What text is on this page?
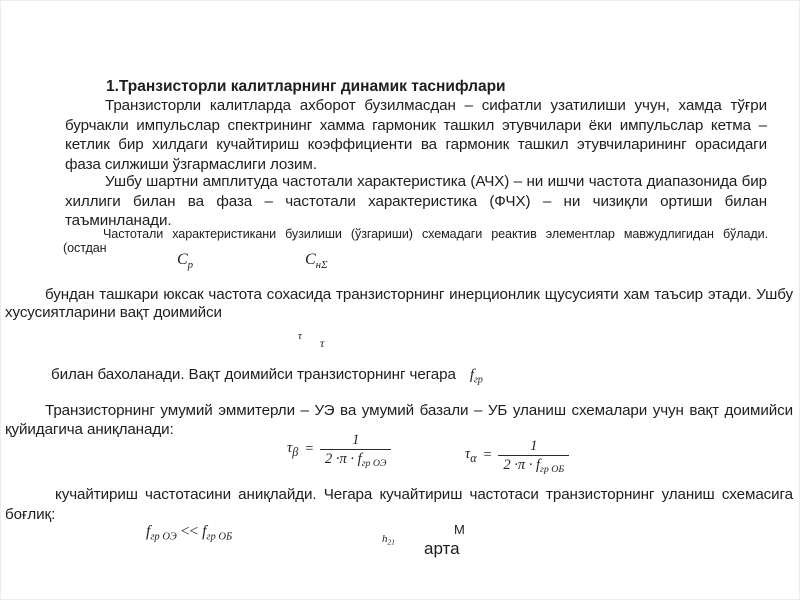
1.Транзисторли калитларнинг динамик таснифлари
Транзисторли калитларда ахборот бузилмасдан – сифатли узатилиши учун, хамда тўғри бурчакли импульслар спектрининг хамма гармоник ташкил этувчилари ёки импульслар кетма – кетлик бир хилдаги кучайтириш коэффициенти ва гармоник ташкил этувчиларининг орасидаги фаза силжиши ўзгармаслиги лозим.
Ушбу шартни амплитуда частотали характеристика (АЧХ) – ни ишчи частота диапазонида бир хиллиги билан ва фаза – частотали характеристика (ФЧХ) – ни чизиқли ортиши билан таъминланади.
Частотали характеристикани бузилиши (ўзгариши) схемадаги реактив элементлар мавжудлигидан бўлади. (остдан
$C_p$	$C_{н\Sigma}$
бундан ташкари юксак частота сохасида транзисторнинг инерционлик щусусияти хам таъсир этади. Ушбу хусусиятларини вақт доимийси
τ τ
билан бахоланади. Вақт доимийси транзисторнинг чегара $f_{гр}$
Транзисторнинг умумий эммитерли – УЭ ва умумий базали – УБ уланиш схемалари учун вақт доимийси қуйидагича аниқланади:
$\tau_\beta = \frac{1}{2 \cdot\pi \cdot f_{гр ОЭ}}$	$\tau_\alpha = \frac{1}{2 \cdot\pi \cdot f_{гр ОБ}}$
кучайтириш частотасини аниқлайди. Чегара кучайтириш частотаси транзисторнинг уланиш схемасига боғлиқ:
$f_{гр ОЭ} << f_{гр ОБ}$	$h_{21}$
М
арта
